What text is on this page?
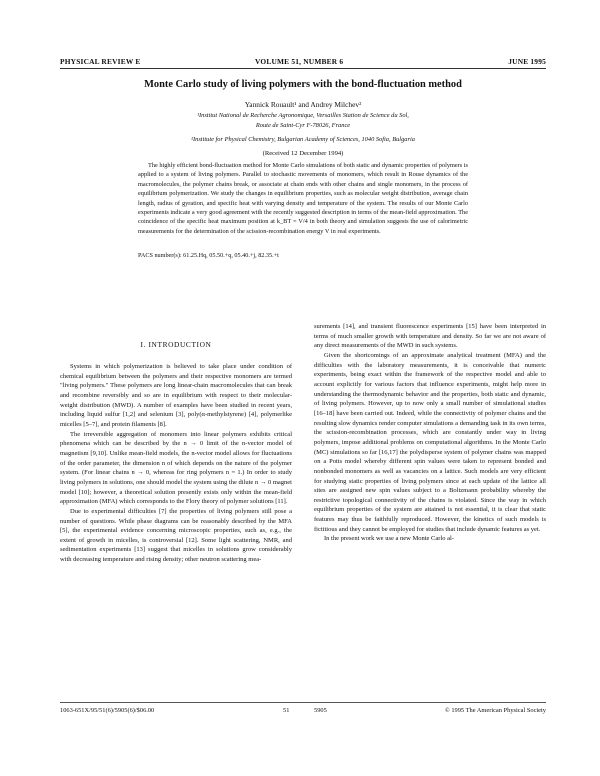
PHYSICAL REVIEW E	VOLUME 51, NUMBER 6	JUNE 1995
Monte Carlo study of living polymers with the bond-fluctuation method
Yannick Rouault¹ and Andrey Milchev²
¹Institut National de Recherche Agronomique, Versailles Station de Science du Sol,
Route de Saint-Cyr F-78026, France
²Institute for Physical Chemistry, Bulgarian Academy of Sciences, 1040 Sofia, Bulgaria
(Received 12 December 1994)

The highly efficient bond-fluctuation method for Monte Carlo simulations of both static and dynamic properties of polymers is applied to a system of living polymers. Parallel to stochastic movements of monomers, which result in Rouse dynamics of the macromolecules, the polymer chains break, or associate at chain ends with other chains and single monomers, in the process of equilibrium polymerization. We study the changes in equilibrium properties, such as molecular weight distribution, average chain length, radius of gyration, and specific heat with varying density and temperature of the system. The results of our Monte Carlo experiments indicate a very good agreement with the recently suggested description in terms of the mean-field approximation. The coincidence of the specific heat maximum position at k_BT = V/4 in both theory and simulation suggests the use of calorimetric measurements for the determination of the scission-recombination energy V in real experiments.

PACS number(s): 61.25.Hq, 05.50.+q, 05.40.+j, 82.35.+t
I. INTRODUCTION

Systems in which polymerization is believed to take place under condition of chemical equilibrium between the polymers and their respective monomers are termed "living polymers." These polymers are long linear-chain macromolecules that can break and recombine reversibly and so are in equilibrium with respect to their molecular-weight distribution (MWD). A number of examples have been studied in recent years, including liquid sulfur [1,2] and selenium [3], poly(α-methylstyrene) [4], polymerlike micelles [5–7], and protein filaments [8].

The irreversible aggregation of monomers into linear polymers exhibits critical phenomena which can be described by the n → 0 limit of the n-vector model of magnetism [9,10]. Unlike mean-field models, the n-vector model allows for fluctuations of the order parameter, the dimension n of which depends on the nature of the polymer system. (For linear chains n → 0, whereas for ring polymers n = 1.) In order to study living polymers in solutions, one should model the system using the dilute n → 0 magnet model [10]; however, a theoretical solution presently exists only within the mean-field approximation (MFA) which corresponds to the Flory theory of polymer solutions [11].

Due to experimental difficulties [7] the properties of living polymers still pose a number of questions. While phase diagrams can be reasonably described by the MFA [5], the experimental evidence concerning microscopic properties, such as, e.g., the extent of growth in micelles, is controversial [12]. Some light scattering, NMR, and sedimentation experiments [13] suggest that micelles in solutions grow considerably with decreasing temperature and rising density; other neutron scattering mea-

surements [14], and transient fluorescence experiments [15] have been interpreted in terms of much smaller growth with temperature and density. So far we are not aware of any direct measurements of the MWD in such systems.

Given the shortcomings of an approximate analytical treatment (MFA) and the difficulties with the laboratory measurements, it is conceivable that numeric experiments, being exact within the framework of the respective model and able to account explicitly for various factors that influence experiments, might help more in understanding the thermodynamic behavior and the properties, both static and dynamic, of living polymers. However, up to now only a small number of simulational studies [16–18] have been carried out. Indeed, while the connectivity of polymer chains and the resulting slow dynamics render computer simulations a demanding task in its own terms, the scission-recombination processes, which are constantly under way in living polymers, impose additional problems on computational algorithms. In the Monte Carlo (MC) simulations so far [16,17] the polydisperse system of polymer chains was mapped on a Potts model whereby different spin values were taken to represent bonded and nonbonded monomers as well as vacancies on a lattice. Such models are very efficient for studying static properties of living polymers since at each update of the lattice all sites are assigned new spin values subject to a Boltzmann probability whereby the restrictive topological connectivity of the chains is violated. Since the way in which equilibrium properties of the system are attained is not essential, it is clear that static features may thus be faithfully reproduced. However, the kinetics of such models is fictitious and they cannot be employed for studies that include dynamic features as yet.

In the present work we use a new Monte Carlo al-

1063-651X/95/51(6)/5905(6)/$06.00	51	5905	© 1995 The American Physical Society
